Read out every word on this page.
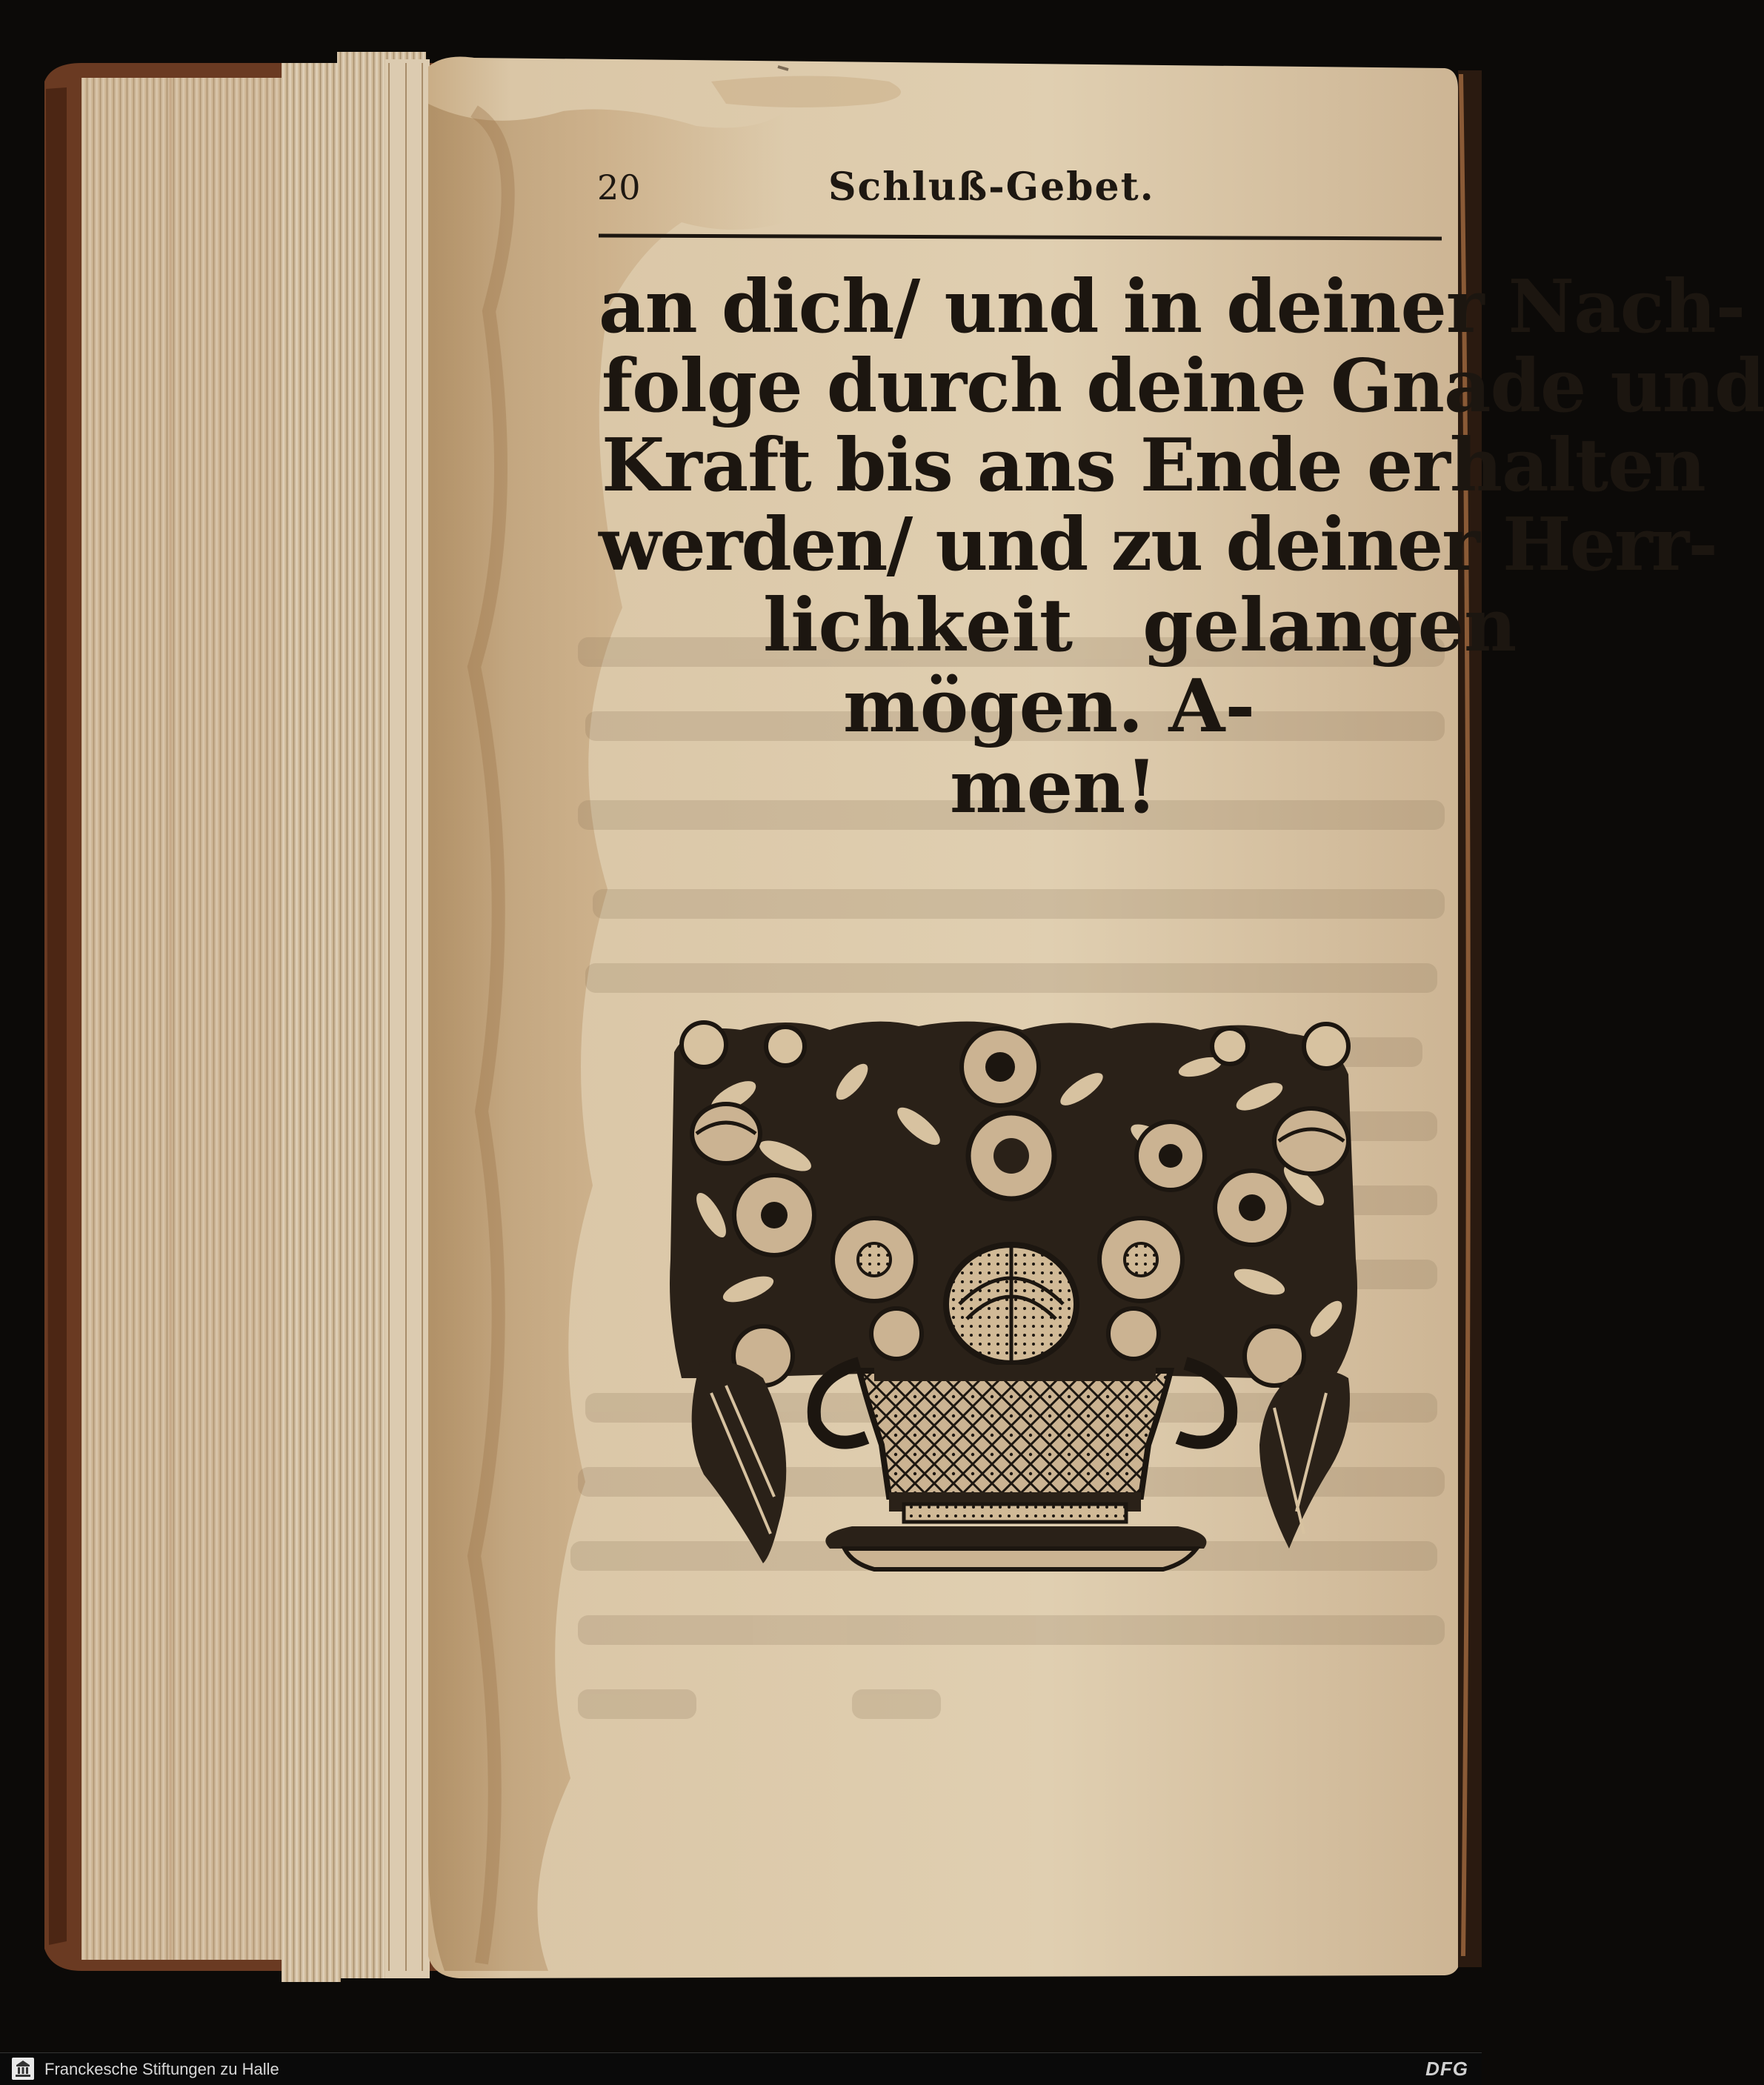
20	Schluß-Gebet.
an dich/ und in deiner Nach-
folge durch deine Gnade und
Kraft bis ans Ende erhalten
werden/ und zu deiner Herr-
lichkeit gelangen
mögen. A-
men!
Franckesche Stiftungen zu Halle	DFG
